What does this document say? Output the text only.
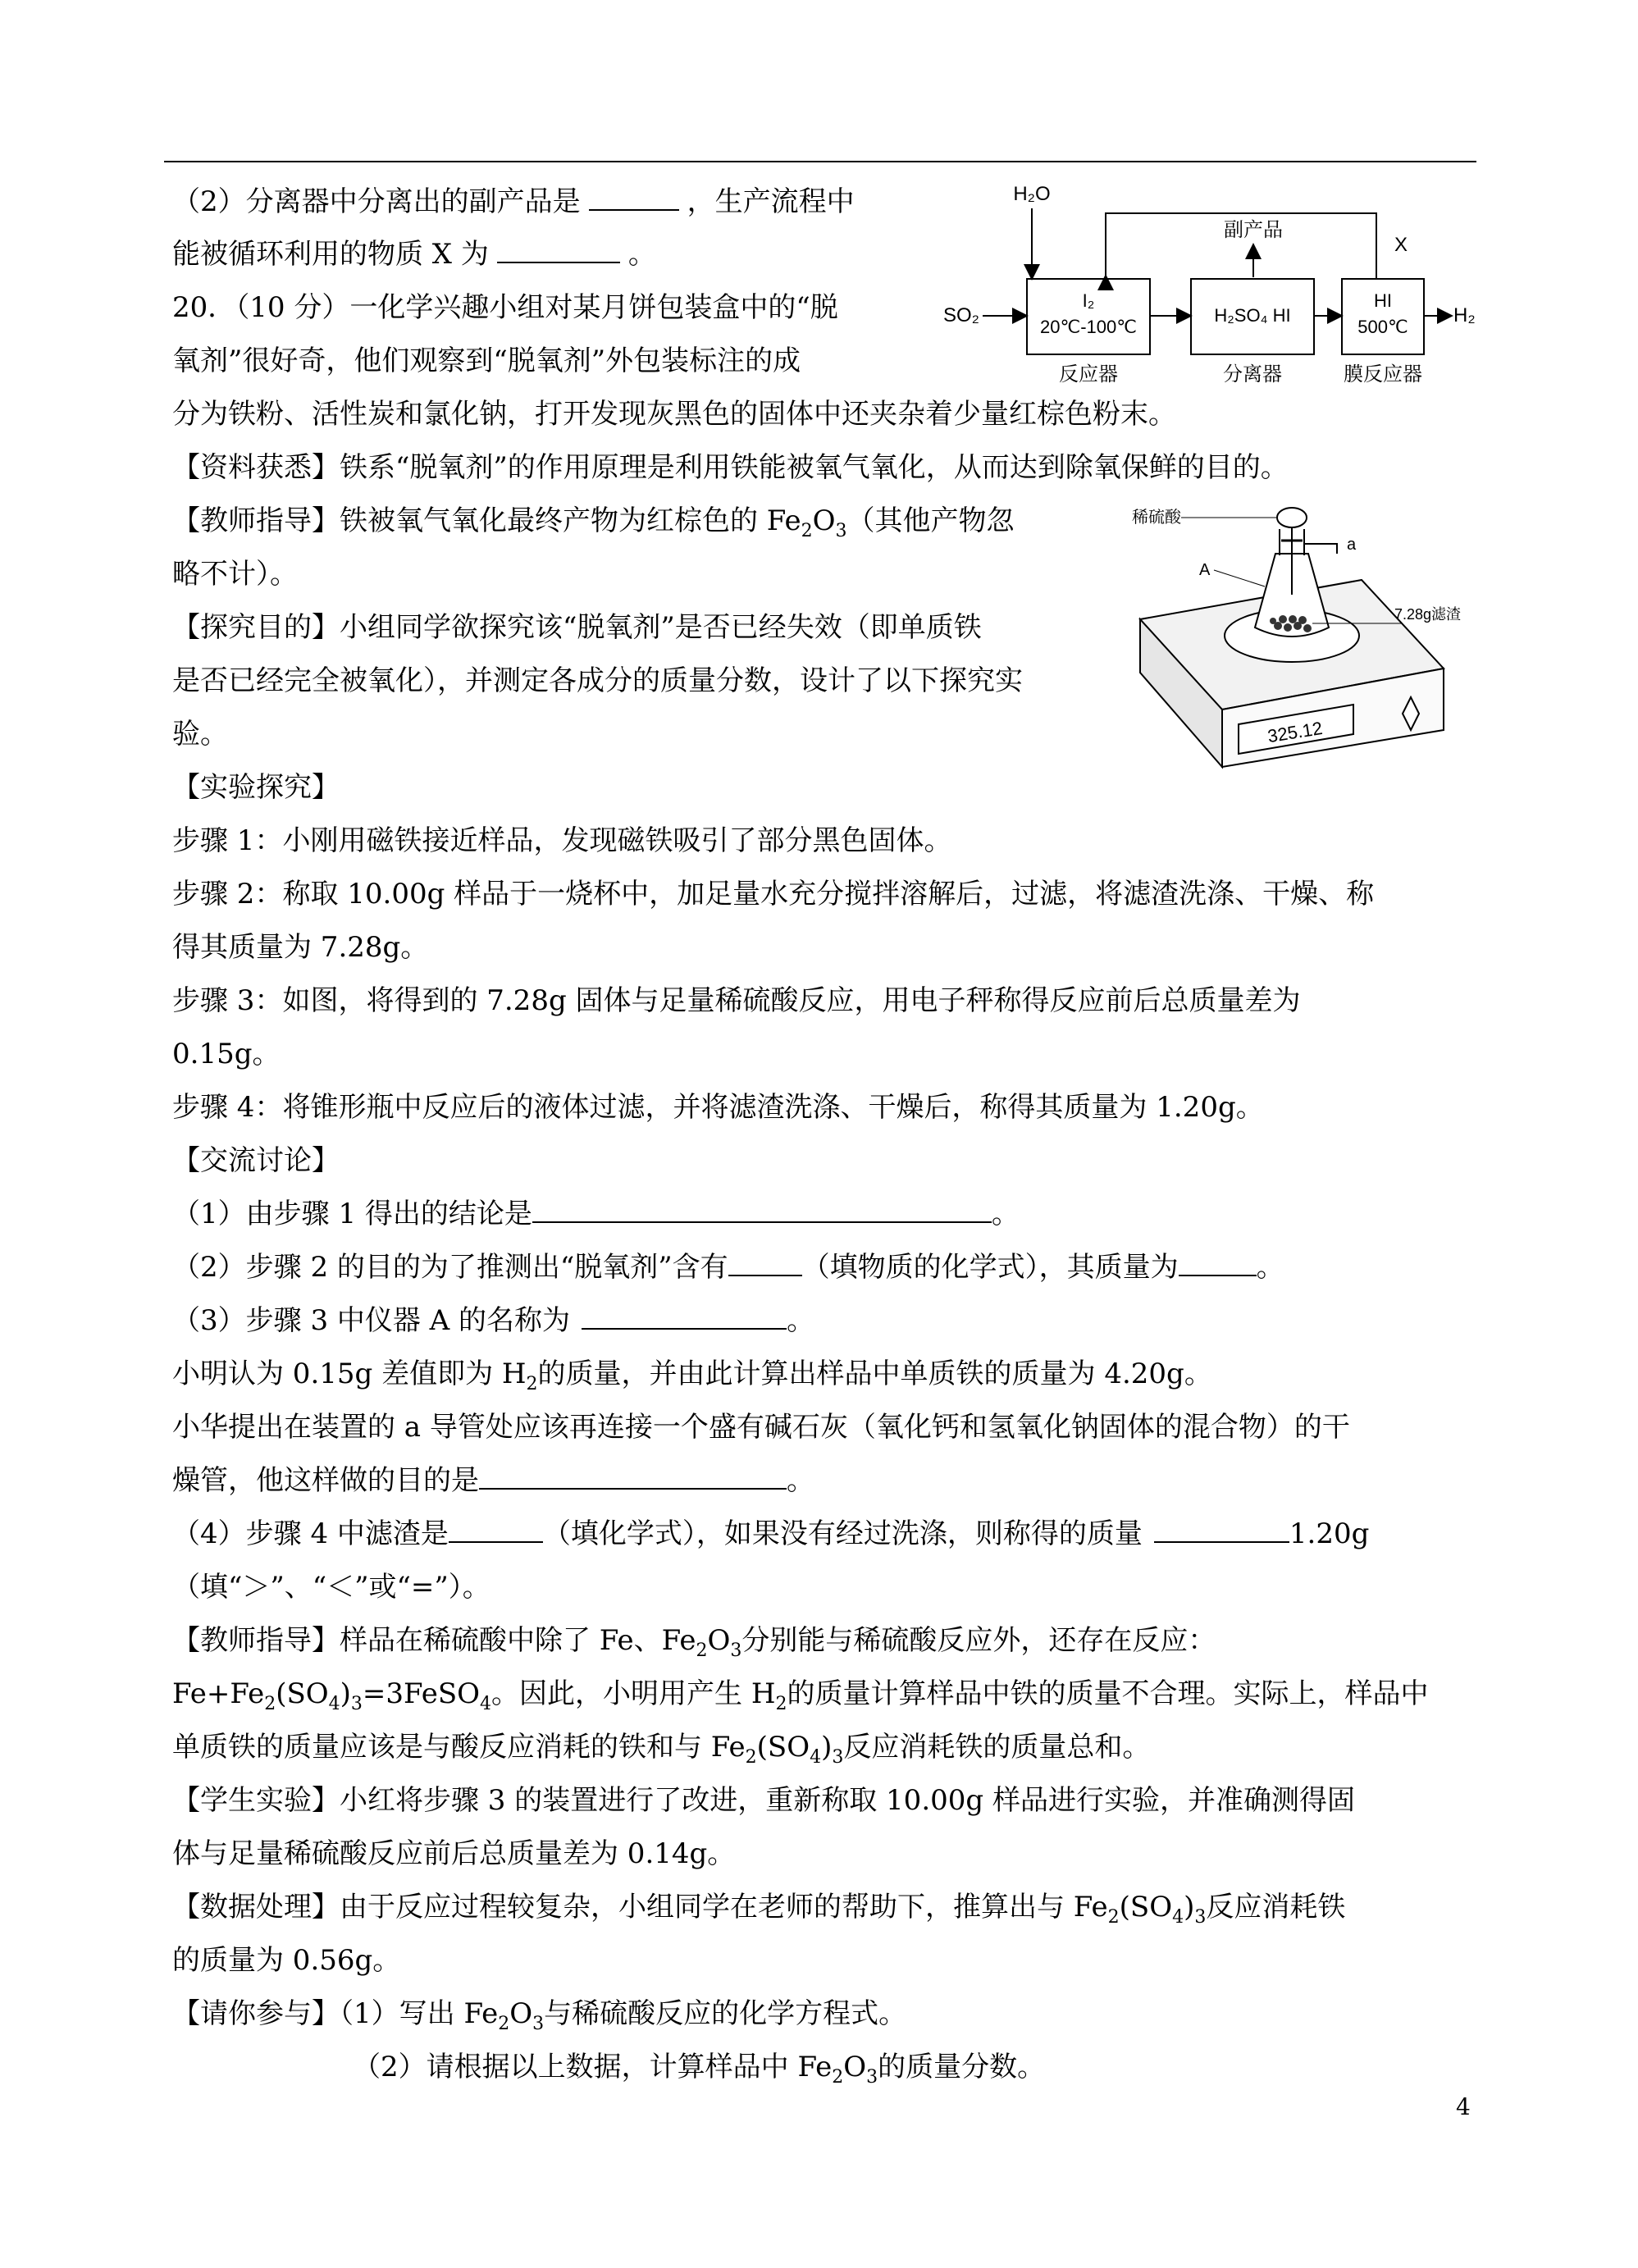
H₂O
X
副产品
SO₂
I₂
20℃-100℃
反应器
H₂SO₄ HI
分离器
HI
500℃
膜反应器
H₂
a
稀硫酸
A
7.28g滤渣
325.12
（2）分离器中分离出的副产品是	，生产流程中
能被循环利用的物质 X 为	。
20．（10 分）一化学兴趣小组对某月饼包装盒中的“脱
氧剂”很好奇，他们观察到“脱氧剂”外包装标注的成
分为铁粉、活性炭和氯化钠，打开发现灰黑色的固体中还夹杂着少量红棕色粉末。
【资料获悉】铁系“脱氧剂”的作用原理是利用铁能被氧气氧化，从而达到除氧保鲜的目的。
【教师指导】铁被氧气氧化最终产物为红棕色的 $Fe_2O_3$（其他产物忽
略不计）。
【探究目的】小组同学欲探究该“脱氧剂”是否已经失效（即单质铁
是否已经完全被氧化），并测定各成分的质量分数，设计了以下探究实
验。
【实验探究】
步骤 1：小刚用磁铁接近样品，发现磁铁吸引了部分黑色固体。
步骤 2：称取 10.00g 样品于一烧杯中，加足量水充分搅拌溶解后，过滤，将滤渣洗涤、干燥、称
得其质量为 7.28g。
步骤 3：如图，将得到的 7.28g 固体与足量稀硫酸反应，用电子秤称得反应前后总质量差为
0.15g。
步骤 4：将锥形瓶中反应后的液体过滤，并将滤渣洗涤、干燥后，称得其质量为 1.20g。
【交流讨论】
（1）由步骤 1 得出的结论是	。
（2）步骤 2 的目的为了推测出“脱氧剂”含有	（填物质的化学式），其质量为	。
（3）步骤 3 中仪器 A 的名称为	。
小明认为 0.15g 差值即为 $H_2$的质量，并由此计算出样品中单质铁的质量为 4.20g。
小华提出在装置的 a 导管处应该再连接一个盛有碱石灰（氧化钙和氢氧化钠固体的混合物）的干
燥管，他这样做的目的是	。
（4）步骤 4 中滤渣是	（填化学式），如果没有经过洗涤，则称得的质量	1.20g
（填“＞”、“＜”或“=”）。
【教师指导】样品在稀硫酸中除了 Fe、$Fe_2O_3$分别能与稀硫酸反应外，还存在反应：
$Fe+Fe_2(SO_4)_3=3FeSO_4$。因此，小明用产生 $H_2$的质量计算样品中铁的质量不合理。实际上，样品中
单质铁的质量应该是与酸反应消耗的铁和与 $Fe_2(SO_4)_3$反应消耗铁的质量总和。
【学生实验】小红将步骤 3 的装置进行了改进，重新称取 10.00g 样品进行实验，并准确测得固
体与足量稀硫酸反应前后总质量差为 0.14g。
【数据处理】由于反应过程较复杂，小组同学在老师的帮助下，推算出与 $Fe_2(SO_4)_3$反应消耗铁
的质量为 0.56g。
【请你参与】（1）写出 $Fe_2O_3$与稀硫酸反应的化学方程式。
（2）请根据以上数据，计算样品中 $Fe_2O_3$的质量分数。
4
